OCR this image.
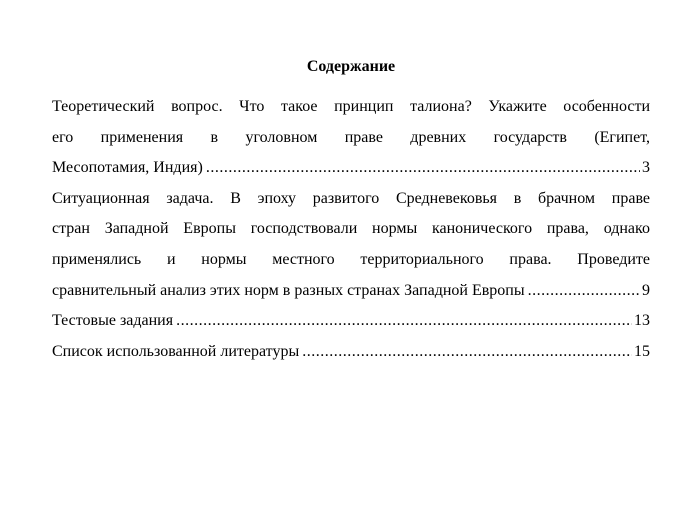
Содержание
Теоретический вопрос. Что такое принцип талиона? Укажите особенности
его применения в уголовном праве древних государств (Египет,
Месопотамия, Индия) .....	3
Ситуационная задача. В эпоху развитого Средневековья в брачном праве
стран Западной Европы господствовали нормы канонического права, однако
применялись и нормы местного территориального права. Проведите
сравнительный анализ этих норм в разных странах Западной Европы .....	9
Тестовые задания .....	13
Список использованной литературы .....	15
